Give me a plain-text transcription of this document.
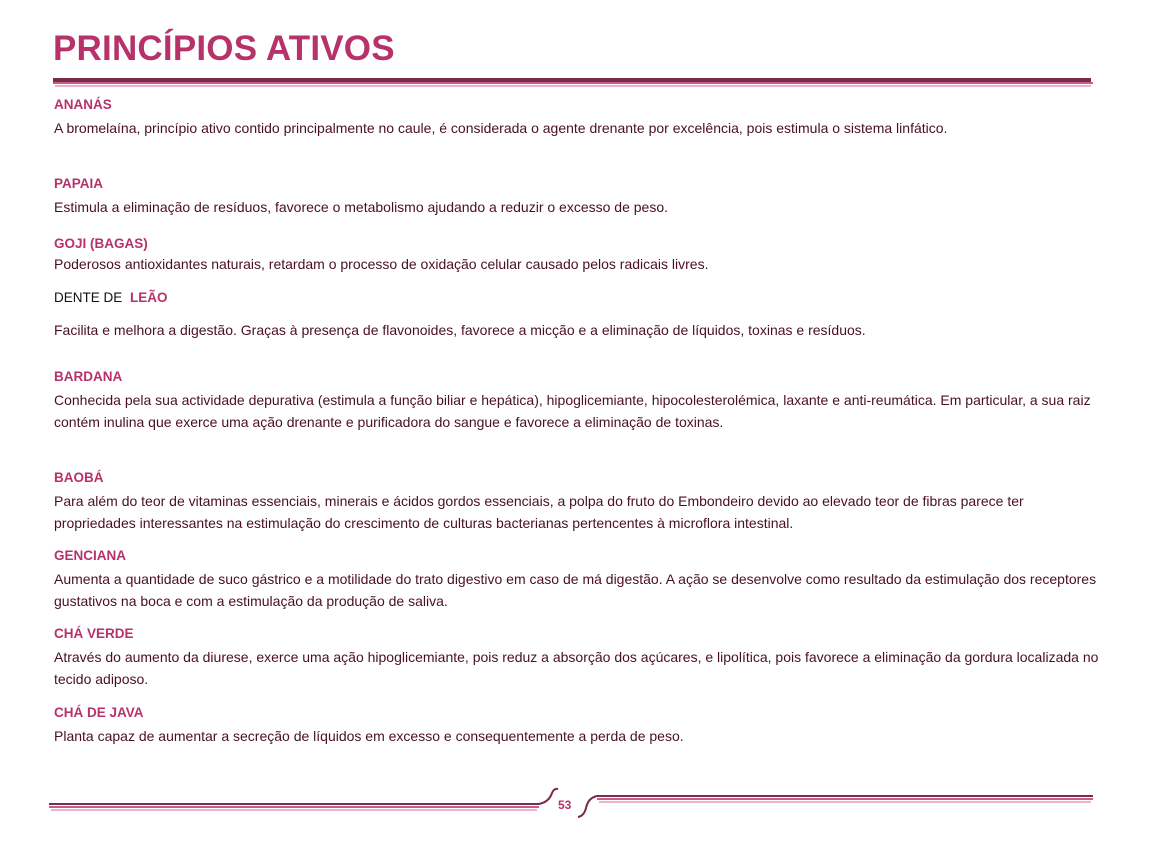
PRINCÍPIOS ATIVOS

ANANÁS

A bromelaína, princípio ativo contido principalmente no caule, é considerada o agente drenante por excelência, pois estimula o sistema linfático.

PAPAIA

Estimula a eliminação de resíduos, favorece o metabolismo ajudando a reduzir o excesso de peso.

GOJI (BAGAS)

Poderosos antioxidantes naturais, retardam o processo de oxidação celular causado pelos radicais livres.

DENTE DE LEÃO

Facilita e melhora a digestão. Graças à presença de flavonoides, favorece a micção e a eliminação de líquidos, toxinas e resíduos.

BARDANA

Conhecida pela sua actividade depurativa (estimula a função biliar e hepática), hipoglicemiante, hipocolesterolémica, laxante e anti-reumática. Em particular, a sua raiz contém inulina que exerce uma ação drenante e purificadora do sangue e favorece a eliminação de toxinas.

BAOBÁ

Para além do teor de vitaminas essenciais, minerais e ácidos gordos essenciais, a polpa do fruto do Embondeiro devido ao elevado teor de fibras parece ter propriedades interessantes na estimulação do crescimento de culturas bacterianas pertencentes à microflora intestinal.

GENCIANA

Aumenta a quantidade de suco gástrico e a motilidade do trato digestivo em caso de má digestão. A ação se desenvolve como resultado da estimulação dos receptores gustativos na boca e com a estimulação da produção de saliva.

CHÁ VERDE

Através do aumento da diurese, exerce uma ação hipoglicemiante, pois reduz a absorção dos açúcares, e lipolítica, pois favorece a eliminação da gordura localizada no tecido adiposo.

CHÁ DE JAVA

Planta capaz de aumentar a secreção de líquidos em excesso e consequentemente a perda de peso.

53
